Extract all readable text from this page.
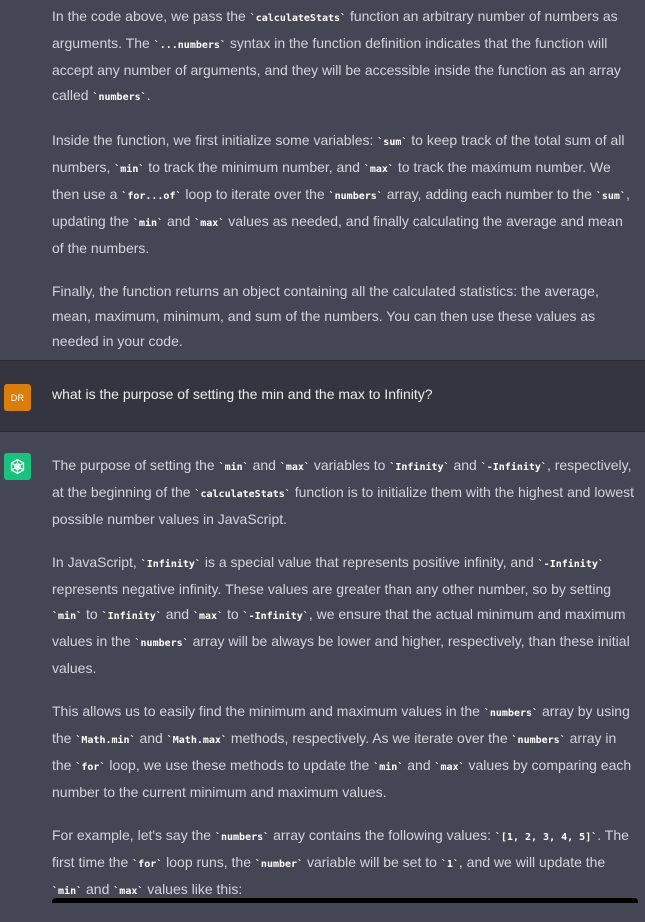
In the code above, we pass the ` calculateStats ` function an arbitrary number of numbers as arguments. The ` ...numbers ` syntax in the function definition indicates that the function will accept any number of arguments, and they will be accessible inside the function as an array called ` numbers ` .

Inside the function, we first initialize some variables: ` sum ` to keep track of the total sum of all numbers, ` min ` to track the minimum number, and ` max ` to track the maximum number. We then use a ` for...of ` loop to iterate over the ` numbers ` array, adding each number to the ` sum ` , updating the ` min ` and ` max ` values as needed, and finally calculating the average and mean of the numbers.

Finally, the function returns an object containing all the calculated statistics: the average, mean, maximum, minimum, and sum of the numbers. You can then use these values as needed in your code.

DR	what is the purpose of setting the min and the max to Infinity?

The purpose of setting the ` min ` and ` max ` variables to ` Infinity ` and ` -Infinity ` , respectively, at the beginning of the ` calculateStats ` function is to initialize them with the highest and lowest possible number values in JavaScript.

In JavaScript, ` Infinity ` is a special value that represents positive infinity, and ` -Infinity ` represents negative infinity. These values are greater than any other number, so by setting ` min ` to ` Infinity ` and ` max ` to ` -Infinity ` , we ensure that the actual minimum and maximum values in the ` numbers ` array will be always be lower and higher, respectively, than these initial values.

This allows us to easily find the minimum and maximum values in the ` numbers ` array by using the ` Math.min ` and ` Math.max ` methods, respectively. As we iterate over the ` numbers ` array in the ` for ` loop, we use these methods to update the ` min ` and ` max ` values by comparing each number to the current minimum and maximum values.

For example, let's say the ` numbers ` array contains the following values: ` [1, 2, 3, 4, 5] ` . The first time the ` for ` loop runs, the ` number ` variable will be set to ` 1 ` , and we will update the ` min ` and ` max ` values like this:
